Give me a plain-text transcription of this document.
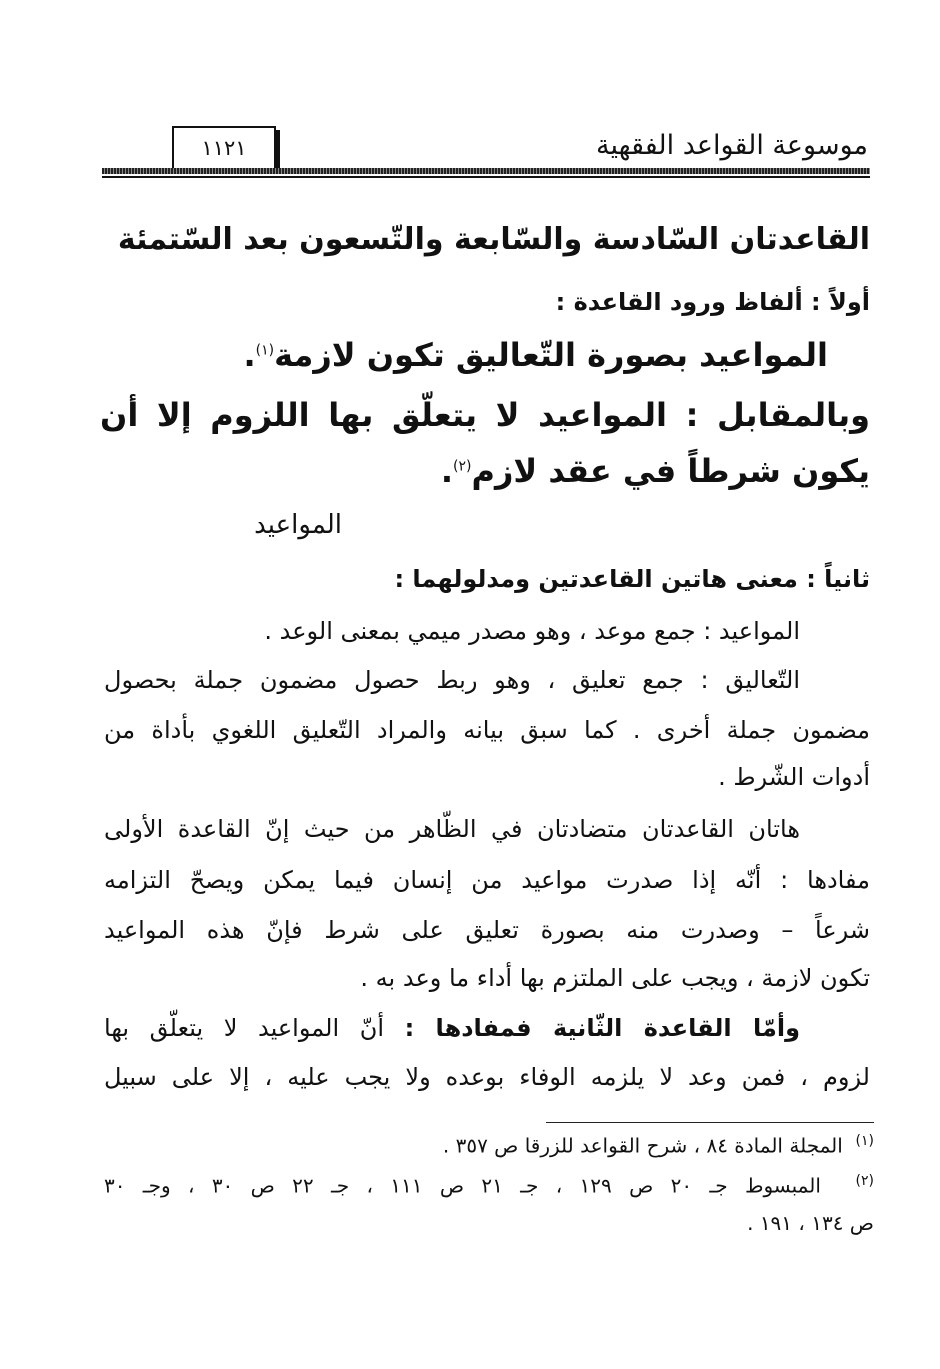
موسوعة القواعد الفقهية
١١٢١
القاعدتان السّادسة والسّابعة والتّسعون بعد السّتمئة
أولاً : ألفاظ ورود القاعدة :
المواعيد بصورة التّعاليق تكون لازمة$^{(١)}$.
وبالمقابل : المواعيد لا يتعلّق بها اللزوم إلا أن
يكون شرطاً في عقد لازم$^{(٢)}$.
المواعيد
ثانياً : معنى هاتين القاعدتين ومدلولهما :
المواعيد : جمع موعد ، وهو مصدر ميمي بمعنى الوعد .
التّعاليق : جمع تعليق ، وهو ربط حصول مضمون جملة بحصول
مضمون جملة أخرى . كما سبق بيانه والمراد التّعليق اللغوي بأداة من
أدوات الشّرط .
هاتان القاعدتان متضادتان في الظّاهر من حيث إنّ القاعدة الأولى
مفادها : أنّه إذا صدرت مواعيد من إنسان فيما يمكن ويصحّ التزامه
شرعاً – وصدرت منه بصورة تعليق على شرط فإنّ هذه المواعيد
تكون لازمة ، ويجب على الملتزم بها أداء ما وعد به .
وأمّا القاعدة الثّانية فمفادها : أنّ المواعيد لا يتعلّق بها
لزوم ، فمن وعد لا يلزمه الوفاء بوعده ولا يجب عليه ، إلا على سبيل
$^{(١)}$  المجلة المادة ٨٤ ، شرح القواعد للزرقا ص ٣٥٧ .
$^{(٢)}$  المبسوط جـ ٢٠ ص ١٢٩ ، جـ ٢١ ص ١١١ ، جـ ٢٢ ص ٣٠ ، وجـ ٣٠
ص ١٣٤ ، ١٩١ .
